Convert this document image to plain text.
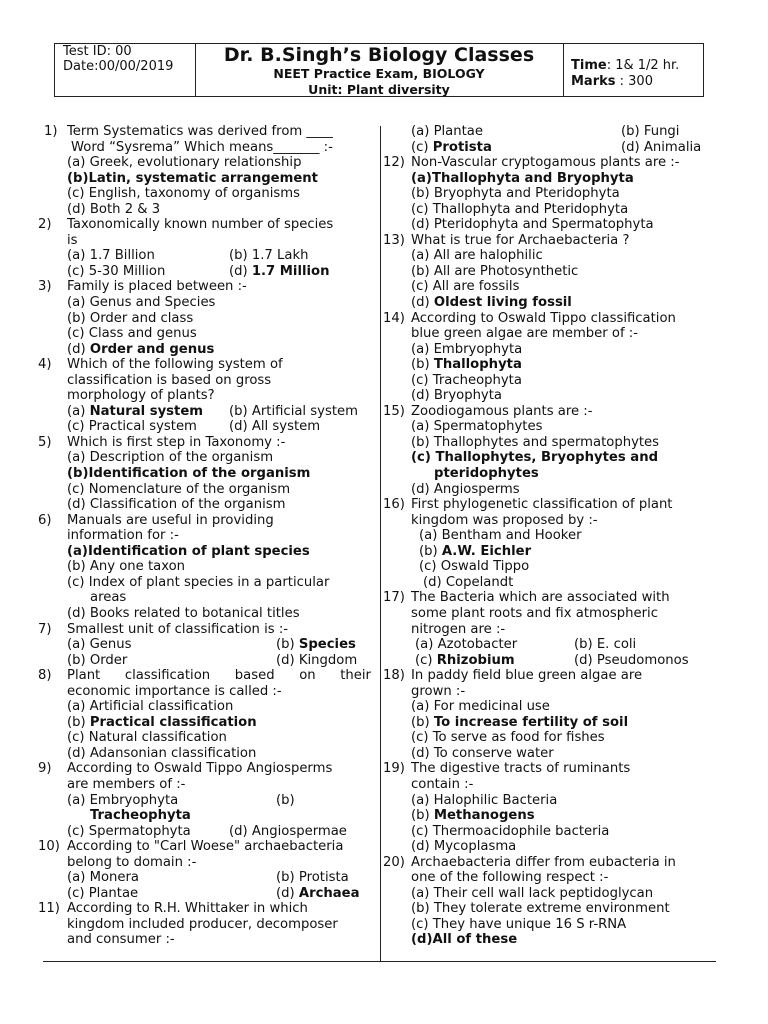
Test ID: 00
Date:00/00/2019
Dr. B.Singh’s Biology Classes
NEET Practice Exam, BIOLOGY
Unit: Plant diversity
Time: 1& 1/2 hr.
Marks : 300
1) Term Systematics was derived from ____
Word “Sysrema” Which means_______ :-
(a) Greek, evolutionary relationship
(b)Latin, systematic arrangement
(c) English, taxonomy of organisms
(d) Both 2 & 3
2) Taxonomically known number of species
is
(a) 1.7 Billion	(b) 1.7 Lakh
(c) 5-30 Million	(d) 1.7 Million
3) Family is placed between :-
(a) Genus and Species
(b) Order and class
(c) Class and genus
(d) Order and genus
4) Which of the following system of
classification is based on gross
morphology of plants?
(a) Natural system (b) Artificial system
(c) Practical system (d) All system
5) Which is first step in Taxonomy :-
(a) Description of the organism
(b)Identification of the organism
(c) Nomenclature of the organism
(d) Classification of the organism
6) Manuals are useful in providing
information for :-
(a)Identification of plant species
(b) Any one taxon
(c) Index of plant species in a particular
areas
(d) Books related to botanical titles
7) Smallest unit of classification is :-
(a) Genus	(b) Species
(b) Order	(d) Kingdom
8) Plant classification based on their
economic importance is called :-
(a) Artificial classification
(b) Practical classification
(c) Natural classification
(d) Adansonian classification
9) According to Oswald Tippo Angiosperms
are members of :-
(a) Embryophyta	(b)
Tracheophyta
(c) Spermatophyta	(d) Angiospermae
10) According to "Carl Woese" archaebacteria
belong to domain :-
(a) Monera	(b) Protista
(c) Plantae	(d) Archaea
11) According to R.H. Whittaker in which
kingdom included producer, decomposer
and consumer :-
(a) Plantae	(b) Fungi
(c) Protista	(d) Animalia
12) Non-Vascular cryptogamous plants are :-
(a)Thallophyta and Bryophyta
(b) Bryophyta and Pteridophyta
(c) Thallophyta and Pteridophyta
(d) Pteridophyta and Spermatophyta
13) What is true for Archaebacteria ?
(a) All are halophilic
(b) All are Photosynthetic
(c) All are fossils
(d) Oldest living fossil
14) According to Oswald Tippo classification
blue green algae are member of :-
(a) Embryophyta
(b) Thallophyta
(c) Tracheophyta
(d) Bryophyta
15) Zoodiogamous plants are :-
(a) Spermatophytes
(b) Thallophytes and spermatophytes
(c) Thallophytes, Bryophytes and
pteridophytes
(d) Angiosperms
16) First phylogenetic classification of plant
kingdom was proposed by :-
(a) Bentham and Hooker
(b) A.W. Eichler
(c) Oswald Tippo
(d) Copelandt
17) The Bacteria which are associated with
some plant roots and fix atmospheric
nitrogen are :-
(a) Azotobacter	(b) E. coli
(c) Rhizobium	(d) Pseudomonos
18) In paddy field blue green algae are
grown :-
(a) For medicinal use
(b) To increase fertility of soil
(c) To serve as food for fishes
(d) To conserve water
19) The digestive tracts of ruminants
contain :-
(a) Halophilic Bacteria
(b) Methanogens
(c) Thermoacidophile bacteria
(d) Mycoplasma
20) Archaebacteria differ from eubacteria in
one of the following respect :-
(a) Their cell wall lack peptidoglycan
(b) They tolerate extreme environment
(c) They have unique 16 S r-RNA
(d)All of these
